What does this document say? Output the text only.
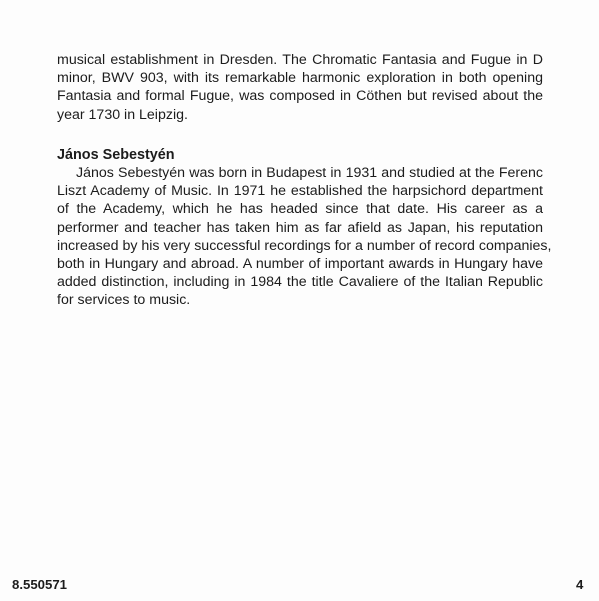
musical establishment in Dresden. The Chromatic Fantasia and Fugue in D
minor, BWV 903, with its remarkable harmonic exploration in both opening
Fantasia and formal Fugue, was composed in Cöthen but revised about the
year 1730 in Leipzig.
János Sebestyén
János Sebestyén was born in Budapest in 1931 and studied at the Ferenc
Liszt Academy of Music. In 1971 he established the harpsichord department
of the Academy, which he has headed since that date. His career as a
performer and teacher has taken him as far afield as Japan, his reputation
increased by his very successful recordings for a number of record companies,
both in Hungary and abroad. A number of important awards in Hungary have
added distinction, including in 1984 the title Cavaliere of the Italian Republic
for services to music.
8.550571	4
